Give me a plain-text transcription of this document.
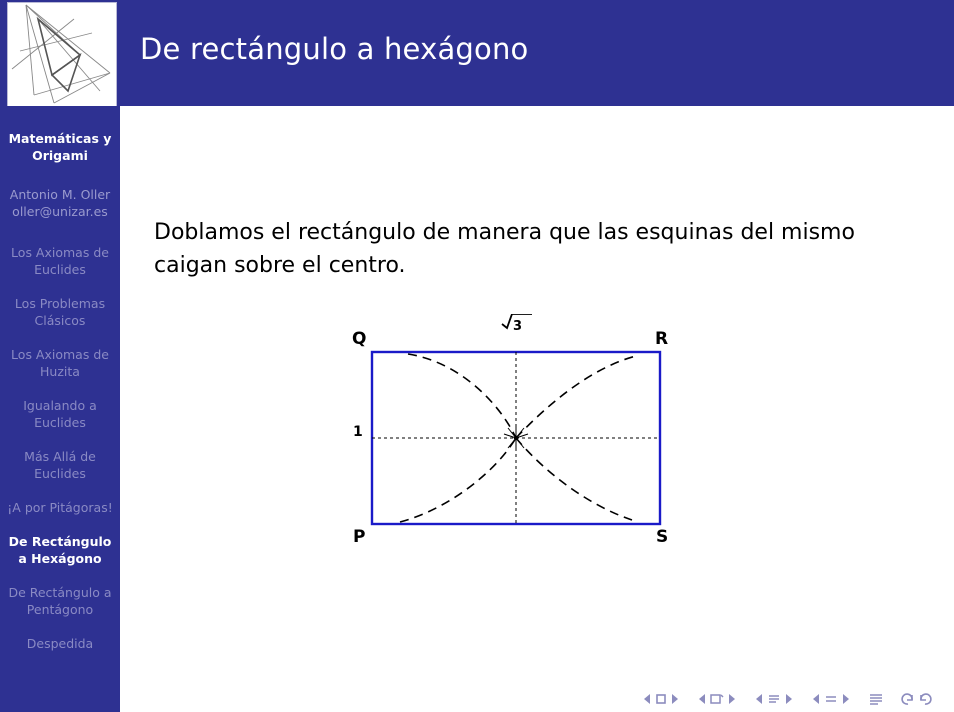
De rectángulo a hexágono
Matemáticas y Origami
Antonio M. Oller
oller@unizar.es
Los Axiomas de Euclides
Los Problemas Clásicos
Los Axiomas de Huzita
Igualando a Euclides
Más Allá de Euclides
¡A por Pitágoras!
De Rectángulo a Hexágono
De Rectángulo a Pentágono
Despedida
Doblamos el rectángulo de manera que las esquinas del mismo caigan sobre el centro.
3
Q	R
P	S
1
